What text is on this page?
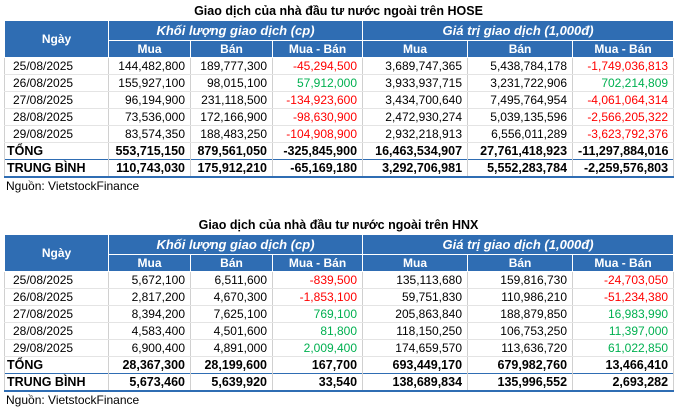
Giao dịch của nhà đầu tư nước ngoài trên HOSE
Ngày	Khối lượng giao dịch (cp)			Giá trị giao dịch (1,000đ)		
	Mua	Bán	Mua - Bán	Mua	Bán	Mua - Bán
25/08/2025	144,482,800	189,777,300	-45,294,500	3,689,747,365	5,438,784,178	-1,749,036,813
26/08/2025	155,927,100	98,015,100	57,912,000	3,933,937,715	3,231,722,906	702,214,809
27/08/2025	96,194,900	231,118,500	-134,923,600	3,434,700,640	7,495,764,954	-4,061,064,314
28/08/2025	73,536,000	172,166,900	-98,630,900	2,472,930,274	5,039,135,596	-2,566,205,322
29/08/2025	83,574,350	188,483,250	-104,908,900	2,932,218,913	6,556,011,289	-3,623,792,376
TỔNG	553,715,150	879,561,050	-325,845,900	16,463,534,907	27,761,418,923	-11,297,884,016
TRUNG BÌNH	110,743,030	175,912,210	-65,169,180	3,292,706,981	5,552,283,784	-2,259,576,803
Nguồn: VietstockFinance
Giao dịch của nhà đầu tư nước ngoài trên HNX
Ngày	Khối lượng giao dịch (cp)			Giá trị giao dịch (1,000đ)		
	Mua	Bán	Mua - Bán	Mua	Bán	Mua - Bán
25/08/2025	5,672,100	6,511,600	-839,500	135,113,680	159,816,730	-24,703,050
26/08/2025	2,817,200	4,670,300	-1,853,100	59,751,830	110,986,210	-51,234,380
27/08/2025	8,394,200	7,625,100	769,100	205,863,840	188,879,850	16,983,990
28/08/2025	4,583,400	4,501,600	81,800	118,150,250	106,753,250	11,397,000
29/08/2025	6,900,400	4,891,000	2,009,400	174,659,570	113,636,720	61,022,850
TỔNG	28,367,300	28,199,600	167,700	693,449,170	679,982,760	13,466,410
TRUNG BÌNH	5,673,460	5,639,920	33,540	138,689,834	135,996,552	2,693,282
Nguồn: VietstockFinance
